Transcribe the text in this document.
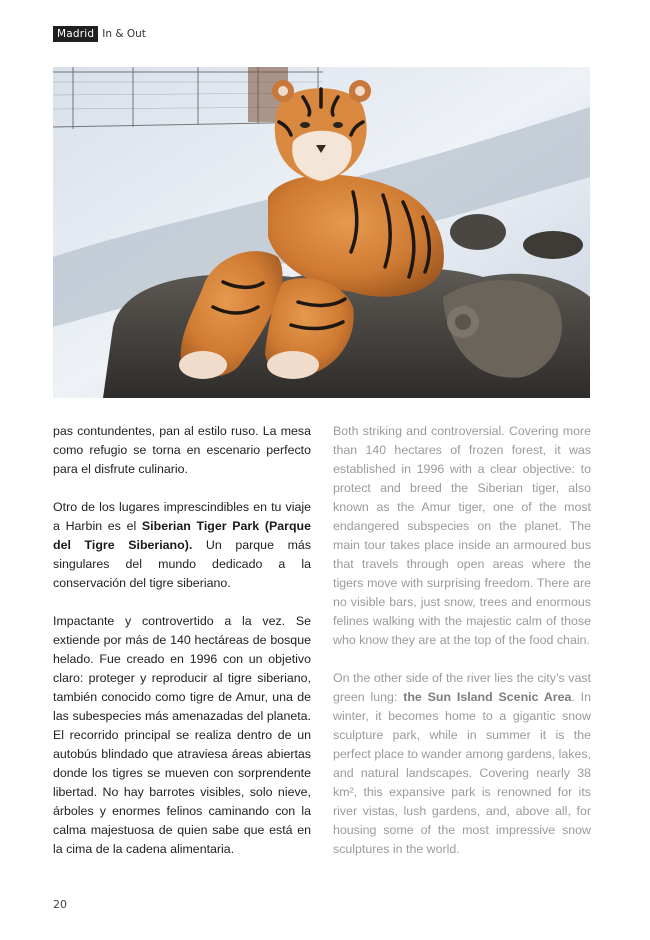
Madrid In & Out

pas contundentes, pan al estilo ruso. La mesa como refugio se torna en escenario perfecto para el disfrute culinario.

Otro de los lugares imprescindibles en tu viaje a Harbin es el Siberian Tiger Park (Parque del Tigre Siberiano). Un parque más singulares del mundo dedicado a la conservación del tigre siberiano.

Impactante y controvertido a la vez. Se extiende por más de 140 hectáreas de bosque helado. Fue creado en 1996 con un objetivo claro: proteger y reproducir al tigre siberiano, también conocido como tigre de Amur, una de las subespecies más amenazadas del planeta. El recorrido principal se realiza dentro de un autobús blindado que atraviesa áreas abiertas donde los tigres se mueven con sorprendente libertad. No hay barrotes visibles, solo nieve, árboles y enormes felinos caminando con la calma majestuosa de quien sabe que está en la cima de la cadena alimentaria.

Both striking and controversial. Covering more than 140 hectares of frozen forest, it was established in 1996 with a clear objective: to protect and breed the Siberian tiger, also known as the Amur tiger, one of the most endangered subspecies on the planet. The main tour takes place inside an armoured bus that travels through open areas where the tigers move with surprising freedom. There are no visible bars, just snow, trees and enormous felines walking with the majestic calm of those who know they are at the top of the food chain.

On the other side of the river lies the city’s vast green lung: the Sun Island Scenic Area. In winter, it becomes home to a gigantic snow sculpture park, while in summer it is the perfect place to wander among gardens, lakes, and natural landscapes. Covering nearly 38 km², this expansive park is renowned for its river vistas, lush gardens, and, above all, for housing some of the most impressive snow sculptures in the world.

20
